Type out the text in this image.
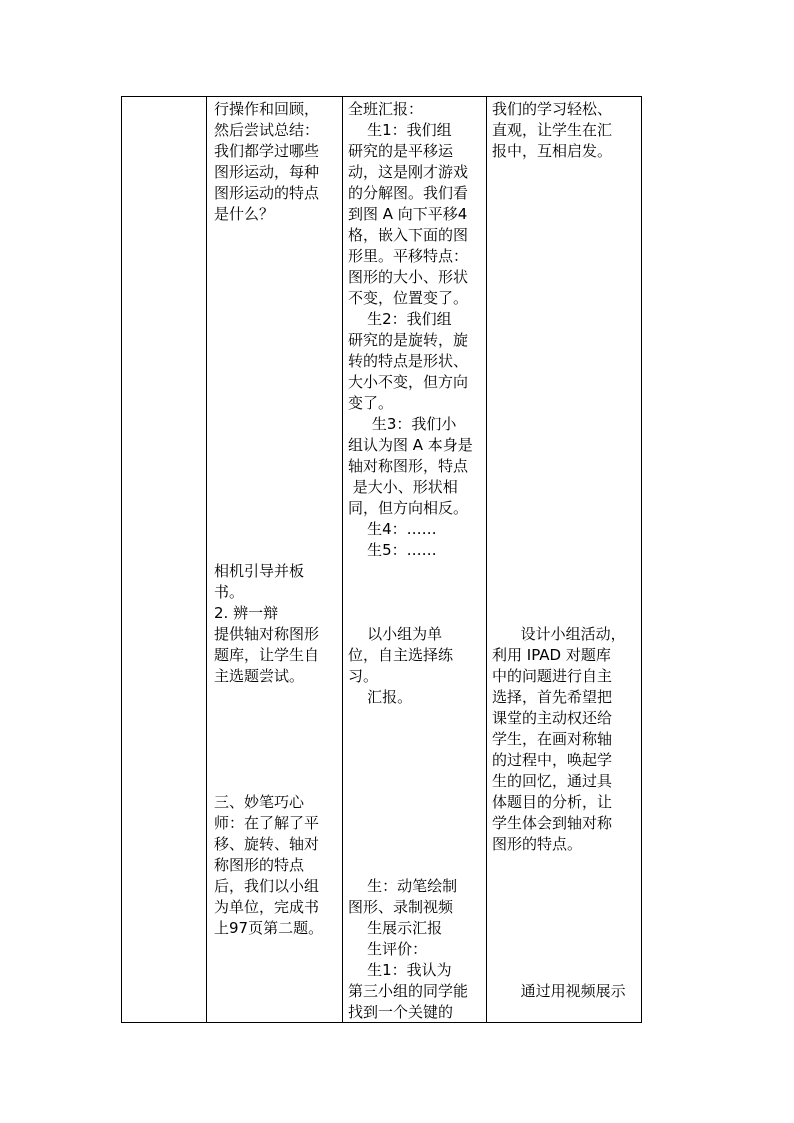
行操作和回顾，
然后尝试总结：
我们都学过哪些
图形运动，每种
图形运动的特点
是什么？
相机引导并板
书。
2. 辨一辩
提供轴对称图形
题库，让学生自
主选题尝试。
三、妙笔巧心
师：在了解了平
移、旋转、轴对
称图形的特点
后，我们以小组
为单位，完成书
上97页第二题。
全班汇报：
生1：我们组
研究的是平移运
动，这是刚才游戏
的分解图。我们看
到图 A 向下平移4
格，嵌入下面的图
形里。平移特点：
图形的大小、形状
不变，位置变了。
生2：我们组
研究的是旋转，旋
转的特点是形状、
大小不变，但方向
变了。
生3：我们小
组认为图 A 本身是
轴对称图形，特点
是大小、形状相
同，但方向相反。
生4：……
生5：……
以小组为单
位，自主选择练
习。
汇报。
生：动笔绘制
图形、录制视频
生展示汇报
生评价：
生1：我认为
第三小组的同学能
找到一个关键的
我们的学习轻松、
直观，让学生在汇
报中，互相启发。
设计小组活动，
利用 IPAD 对题库
中的问题进行自主
选择，首先希望把
课堂的主动权还给
学生，在画对称轴
的过程中，唤起学
生的回忆，通过具
体题目的分析，让
学生体会到轴对称
图形的特点。
通过用视频展示
